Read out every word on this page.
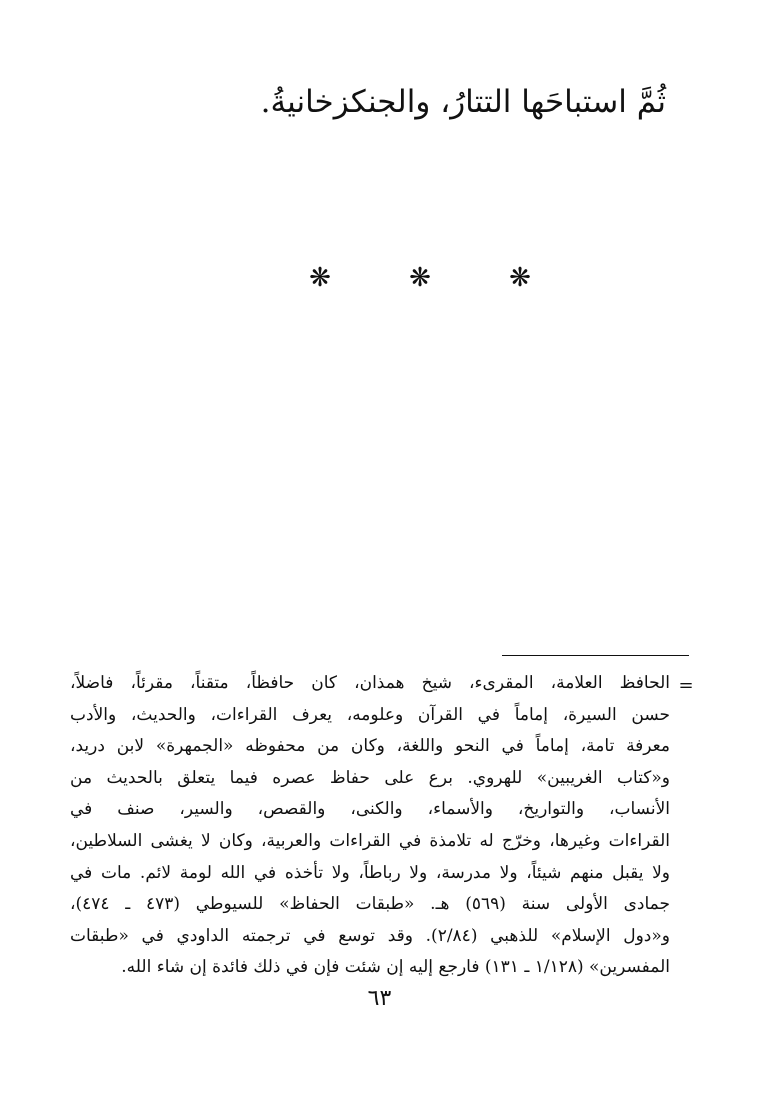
ثُمَّ استباحَها التتارُ، والجنكزخانيةُ.
❋	❋	❋
=
الحافظ العلامة، المقرىء، شيخ همذان، كان حافظاً، متقناً، مقرئاً، فاضلاً،
حسن السيرة، إماماً في القرآن وعلومه، يعرف القراءات، والحديث، والأدب
معرفة تامة، إماماً في النحو واللغة، وكان من محفوظه «الجمهرة» لابن دريد،
و«كتاب الغريبين» للهروي. برع على حفاظ عصره فيما يتعلق بالحديث من
الأنساب، والتواريخ، والأسماء، والكنى، والقصص، والسير، صنف في
القراءات وغيرها، وخرّج له تلامذة في القراءات والعربية، وكان لا يغشى السلاطين،
ولا يقبل منهم شيئاً، ولا مدرسة، ولا رباطاً، ولا تأخذه في الله لومة لائم. مات في
جمادى الأولى سنة (٥٦٩) هـ. «طبقات الحفاظ» للسيوطي (٤٧٣ ـ ٤٧٤)،
و«دول الإسلام» للذهبي (٢/٨٤). وقد توسع في ترجمته الداودي في «طبقات
المفسرين» (١/١٢٨ ـ ١٣١) فارجع إليه إن شئت فإن في ذلك فائدة إن شاء الله.
٦٣
